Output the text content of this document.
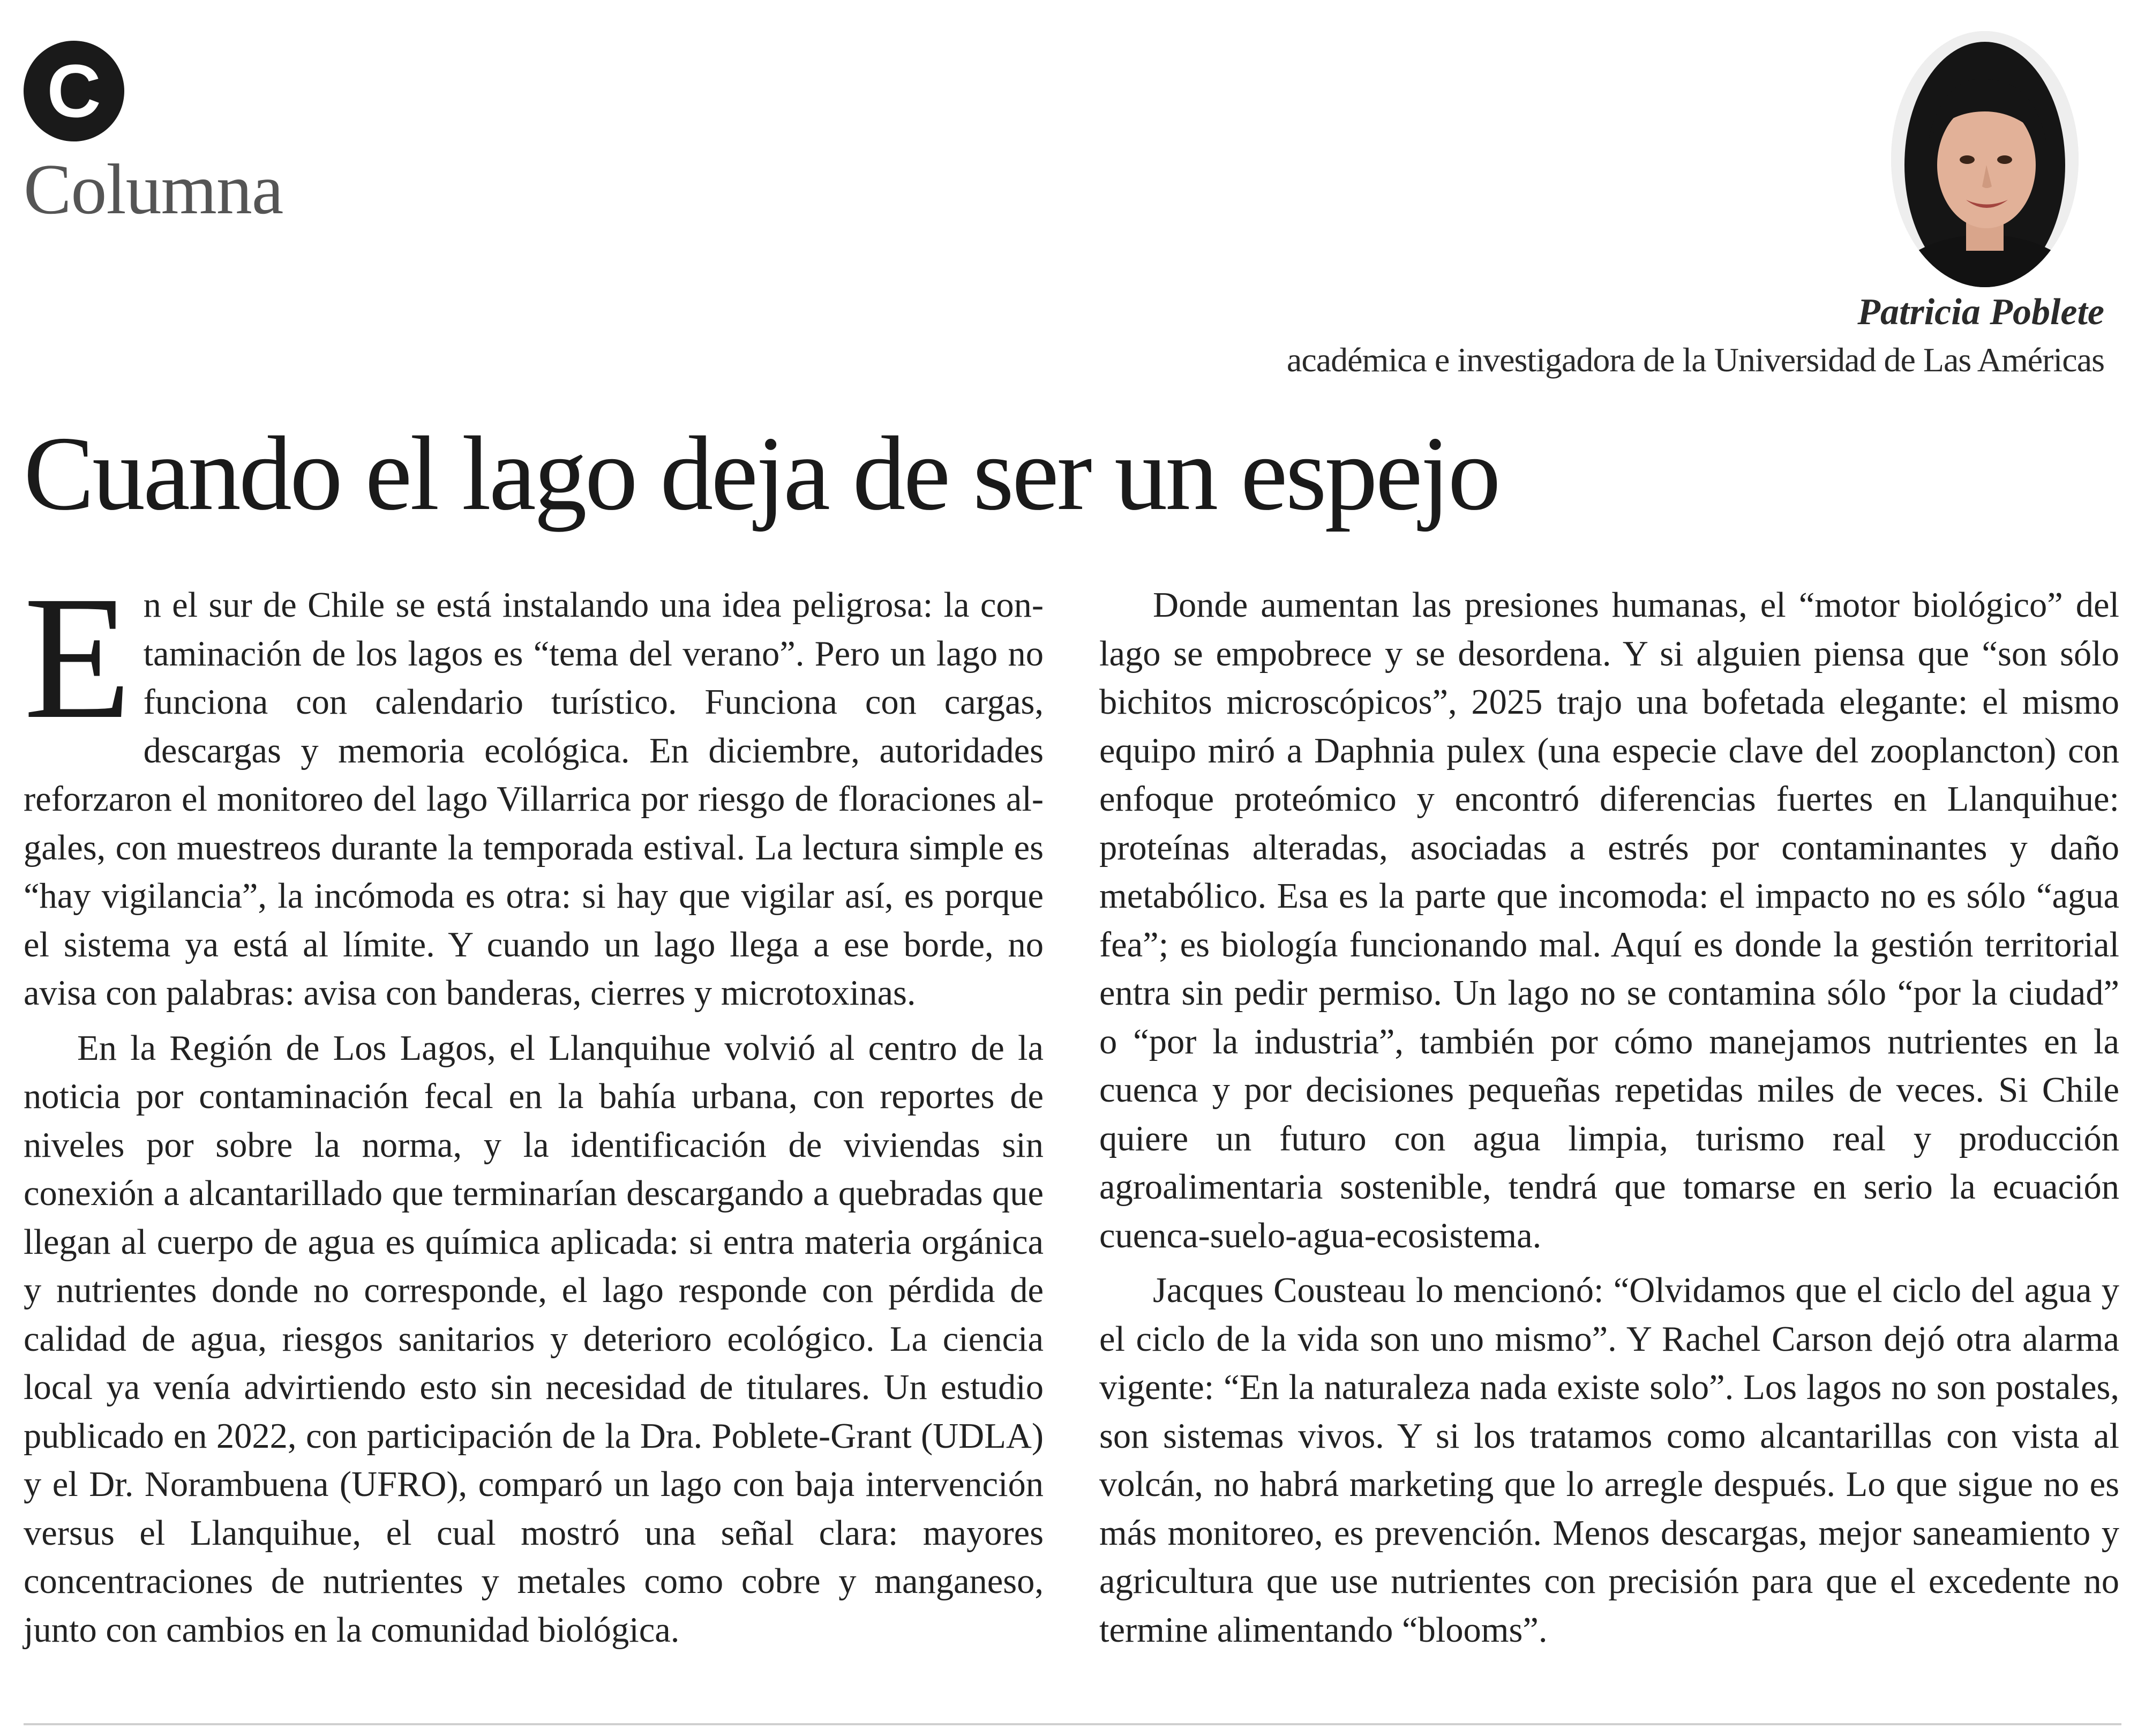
C
Columna
Patricia Poblete
académica e investigadora de la Universidad de Las Américas
Cuando el lago deja de ser un espejo

En el sur de Chile se está instalando una idea peligrosa: la contaminación de los lagos es “tema del verano”. Pero un lago no funciona con calendario turístico. Funciona con cargas, descargas y memoria ecológica. En diciembre, autoridades reforzaron el monitoreo del lago Villarrica por riesgo de floraciones algales, con muestreos durante la temporada estival. La lectura simple es “hay vigilancia”, la incómoda es otra: si hay que vigilar así, es porque el sistema ya está al límite. Y cuando un lago llega a ese borde, no avisa con palabras: avisa con banderas, cierres y microtoxinas.

En la Región de Los Lagos, el Llanquihue volvió al centro de la noticia por contaminación fecal en la bahía urbana, con reportes de niveles por sobre la norma, y la identificación de viviendas sin conexión a alcantarillado que terminarían descargando a quebradas que llegan al cuerpo de agua es química aplicada: si entra materia orgánica y nutrientes donde no corresponde, el lago responde con pérdida de calidad de agua, riesgos sanitarios y deterioro ecológico. La ciencia local ya venía advirtiendo esto sin necesidad de titulares. Un estudio publicado en 2022, con participación de la Dra. Poblete-Grant (UDLA) y el Dr. Norambuena (UFRO), comparó un lago con baja intervención versus el Llanquihue, el cual mostró una señal clara: mayores concentraciones de nutrientes y metales como cobre y manganeso, junto con cambios en la comunidad biológica.

Donde aumentan las presiones humanas, el “motor biológico” del lago se empobrece y se desordena. Y si alguien piensa que “son sólo bichitos microscópicos”, 2025 trajo una bofetada elegante: el mismo equipo miró a Daphnia pulex (una especie clave del zooplancton) con enfoque proteómico y encontró diferencias fuertes en Llanquihue: proteínas alteradas, asociadas a estrés por contaminantes y daño metabólico. Esa es la parte que incomoda: el impacto no es sólo “agua fea”; es biología funcionando mal. Aquí es donde la gestión territorial entra sin pedir permiso. Un lago no se contamina sólo “por la ciudad” o “por la industria”, también por cómo manejamos nutrientes en la cuenca y por decisiones pequeñas repetidas miles de veces. Si Chile quiere un futuro con agua limpia, turismo real y producción agroalimentaria sostenible, tendrá que tomarse en serio la ecuación cuenca-suelo-agua-ecosistema.

Jacques Cousteau lo mencionó: “Olvidamos que el ciclo del agua y el ciclo de la vida son uno mismo”. Y Rachel Carson dejó otra alarma vigente: “En la naturaleza nada existe solo”. Los lagos no son postales, son sistemas vivos. Y si los tratamos como alcantarillas con vista al volcán, no habrá marketing que lo arregle después. Lo que sigue no es más monitoreo, es prevención. Menos descargas, mejor saneamiento y agricultura que use nutrientes con precisión para que el excedente no termine alimentando “blooms”.
